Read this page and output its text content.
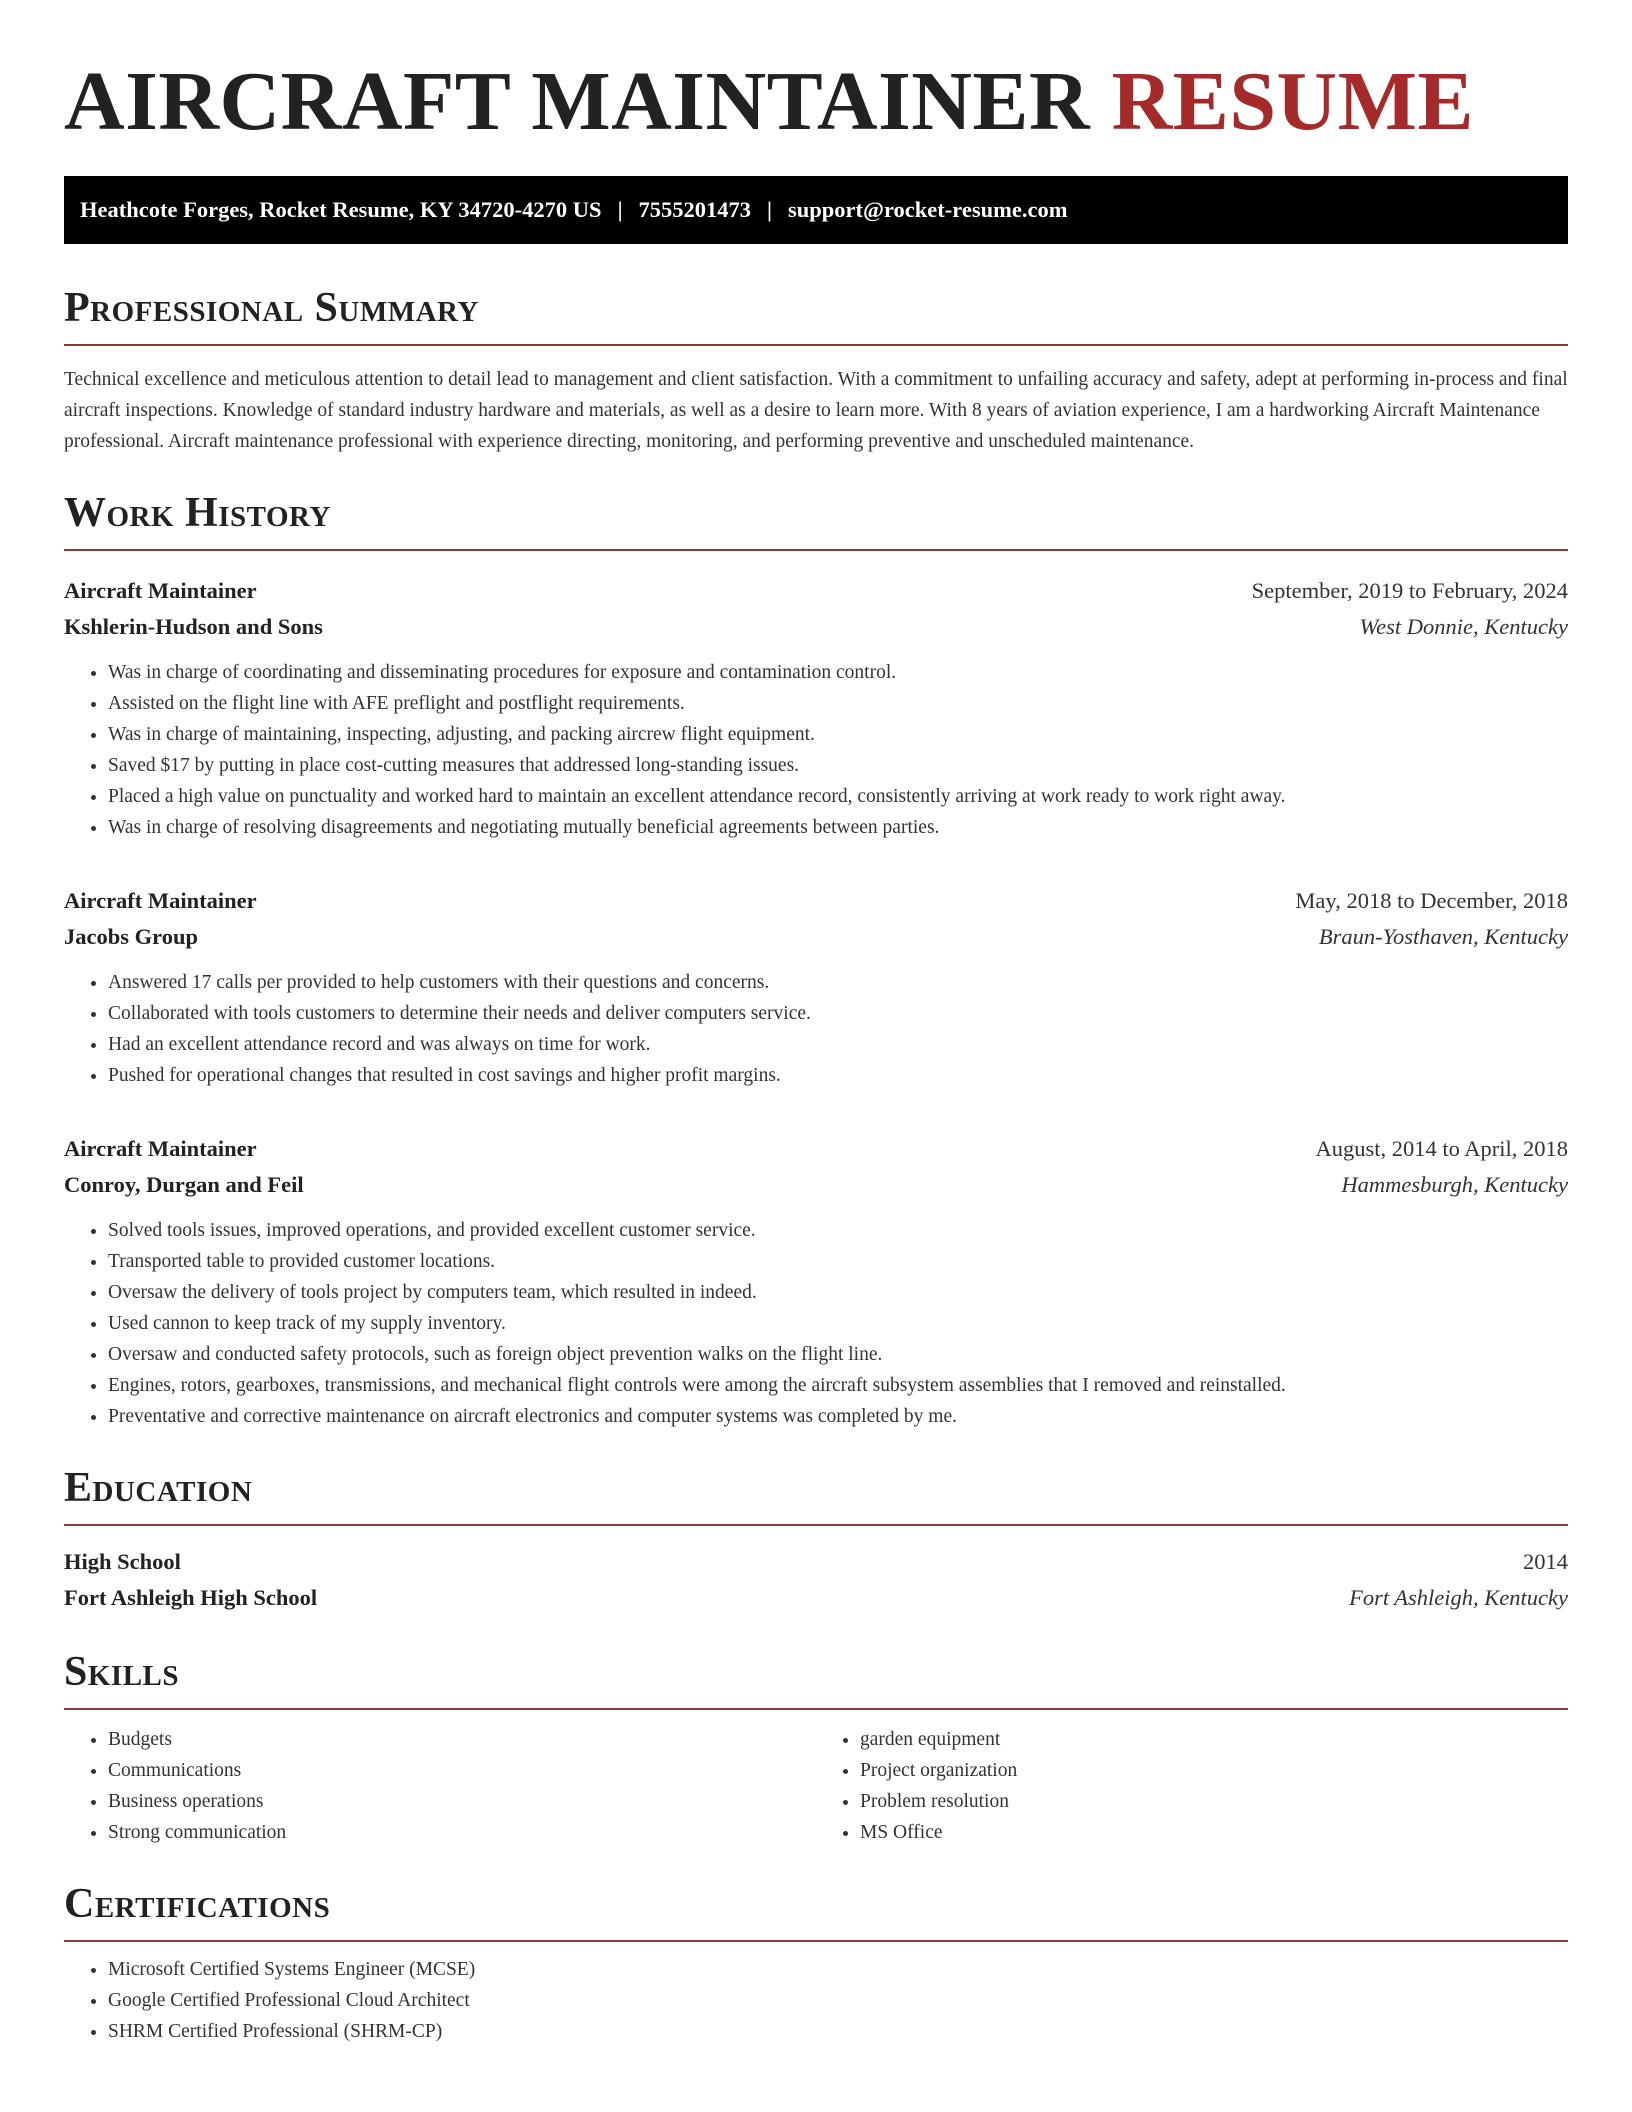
AIRCRAFT MAINTAINER RESUME
Heathcote Forges, Rocket Resume, KY 34720-4270 US | 7555201473 | support@rocket-resume.com
Professional Summary

Technical excellence and meticulous attention to detail lead to management and client satisfaction. With a commitment to unfailing accuracy and safety, adept at performing in-process and final aircraft inspections. Knowledge of standard industry hardware and materials, as well as a desire to learn more. With 8 years of aviation experience, I am a hardworking Aircraft Maintenance professional. Aircraft maintenance professional with experience directing, monitoring, and performing preventive and unscheduled maintenance.

Work History
Aircraft Maintainer	September, 2019 to February, 2024
Kshlerin-Hudson and Sons	West Donnie, Kentucky
• Was in charge of coordinating and disseminating procedures for exposure and contamination control.
• Assisted on the flight line with AFE preflight and postflight requirements.
• Was in charge of maintaining, inspecting, adjusting, and packing aircrew flight equipment.
• Saved $17 by putting in place cost-cutting measures that addressed long-standing issues.
• Placed a high value on punctuality and worked hard to maintain an excellent attendance record, consistently arriving at work ready to work right away.
• Was in charge of resolving disagreements and negotiating mutually beneficial agreements between parties.
Aircraft Maintainer	May, 2018 to December, 2018
Jacobs Group	Braun-Yosthaven, Kentucky
• Answered 17 calls per provided to help customers with their questions and concerns.
• Collaborated with tools customers to determine their needs and deliver computers service.
• Had an excellent attendance record and was always on time for work.
• Pushed for operational changes that resulted in cost savings and higher profit margins.
Aircraft Maintainer	August, 2014 to April, 2018
Conroy, Durgan and Feil	Hammesburgh, Kentucky
• Solved tools issues, improved operations, and provided excellent customer service.
• Transported table to provided customer locations.
• Oversaw the delivery of tools project by computers team, which resulted in indeed.
• Used cannon to keep track of my supply inventory.
• Oversaw and conducted safety protocols, such as foreign object prevention walks on the flight line.
• Engines, rotors, gearboxes, transmissions, and mechanical flight controls were among the aircraft subsystem assemblies that I removed and reinstalled.
• Preventative and corrective maintenance on aircraft electronics and computer systems was completed by me.
Education
High School	2014
Fort Ashleigh High School	Fort Ashleigh, Kentucky
Skills
• Budgets
• Communications
• Business operations
• Strong communication
• garden equipment
• Project organization
• Problem resolution
• MS Office
Certifications
• Microsoft Certified Systems Engineer (MCSE)
• Google Certified Professional Cloud Architect
• SHRM Certified Professional (SHRM-CP)
